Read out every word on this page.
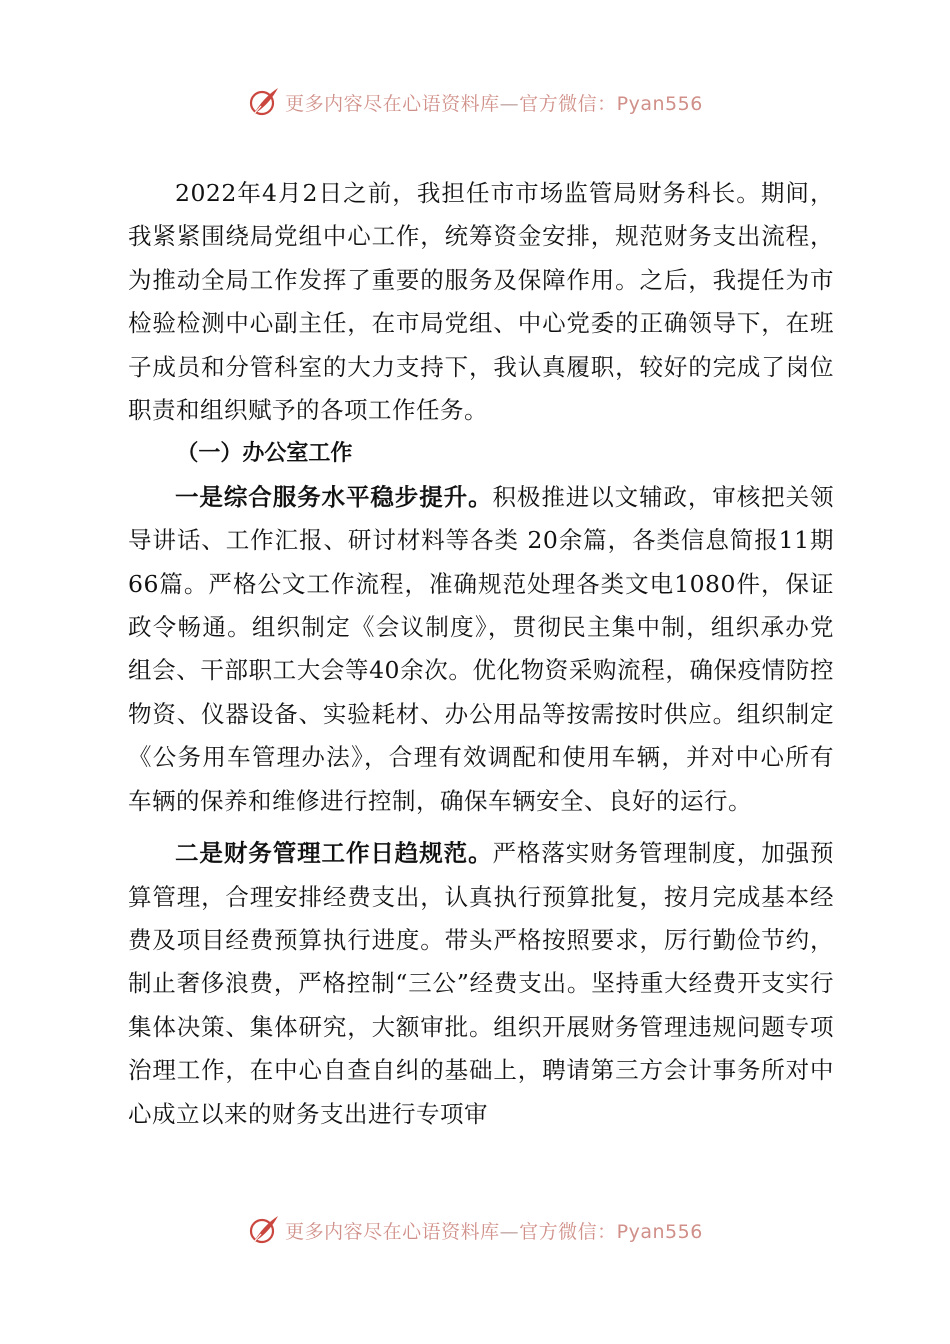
更多内容尽在心语资料库—官方微信：Pyan556

2022年4月2日之前，我担任市市场监管局财务科长。期间，我紧紧围绕局党组中心工作，统筹资金安排，规范财务支出流程，为推动全局工作发挥了重要的服务及保障作用。之后，我提任为市检验检测中心副主任，在市局党组、中心党委的正确领导下，在班子成员和分管科室的大力支持下，我认真履职，较好的完成了岗位职责和组织赋予的各项工作任务。

（一）办公室工作

一是综合服务水平稳步提升。积极推进以文辅政，审核把关领导讲话、工作汇报、研讨材料等各类 20余篇，各类信息简报11期66篇。严格公文工作流程，准确规范处理各类文电1080件，保证政令畅通。组织制定《会议制度》，贯彻民主集中制，组织承办党组会、干部职工大会等40余次。优化物资采购流程，确保疫情防控物资、仪器设备、实验耗材、办公用品等按需按时供应。组织制定《公务用车管理办法》，合理有效调配和使用车辆，并对中心所有车辆的保养和维修进行控制，确保车辆安全、良好的运行。

二是财务管理工作日趋规范。严格落实财务管理制度，加强预算管理，合理安排经费支出，认真执行预算批复，按月完成基本经费及项目经费预算执行进度。带头严格按照要求，厉行勤俭节约，制止奢侈浪费，严格控制“三公”经费支出。坚持重大经费开支实行集体决策、集体研究，大额审批。组织开展财务管理违规问题专项治理工作，在中心自查自纠的基础上，聘请第三方会计事务所对中心成立以来的财务支出进行专项审

更多内容尽在心语资料库—官方微信：Pyan556
